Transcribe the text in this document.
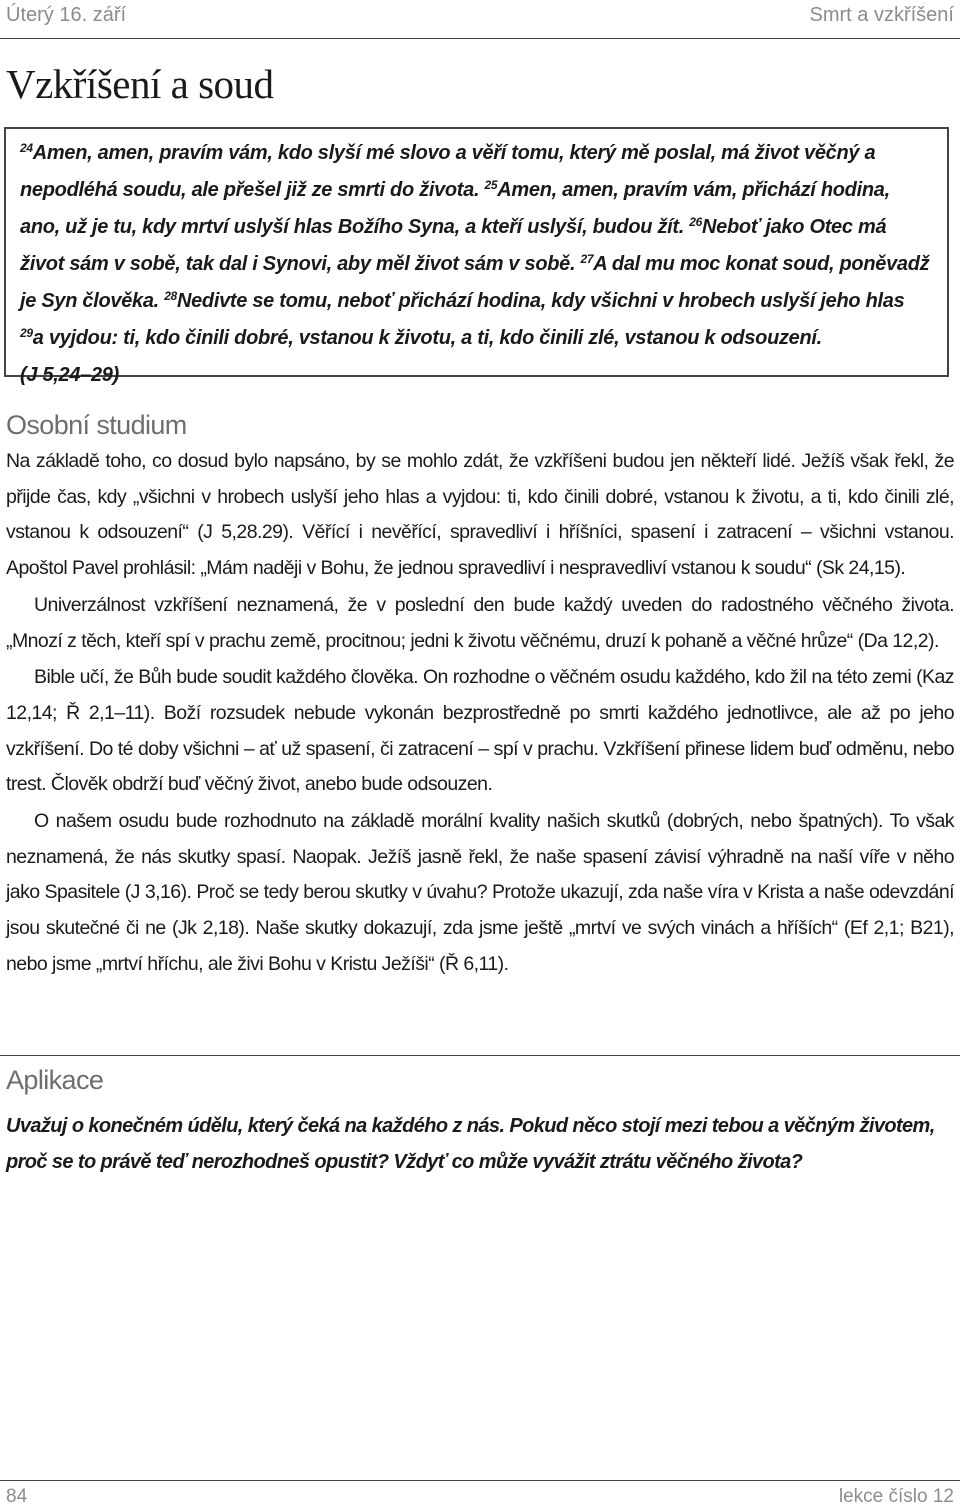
Úterý 16. září	Smrt a vzkříšení
Vzkříšení a soud
$^{24}$Amen, amen, pravím vám, kdo slyší mé slovo a věří tomu, který mě poslal, má život věčný a nepodléhá soudu, ale přešel již ze smrti do života. $^{25}$Amen, amen, pravím vám, přichází hodina, ano, už je tu, kdy mrtví uslyší hlas Božího Syna, a kteří uslyší, budou žít. $^{26}$Neboť jako Otec má život sám v sobě, tak dal i Synovi, aby měl život sám v sobě. $^{27}$A dal mu moc konat soud, poněvadž je Syn člověka. $^{28}$Nedivte se tomu, neboť přichází hodina, kdy všichni v hrobech uslyší jeho hlas $^{29}$a vyjdou: ti, kdo činili dobré, vstanou k životu, a ti, kdo činili zlé, vstanou k odsouzení.
(J 5,24–29)
Osobní studium

Na základě toho, co dosud bylo napsáno, by se mohlo zdát, že vzkříšeni budou jen někteří lidé. Ježíš však řekl, že přijde čas, kdy „všichni v hrobech uslyší jeho hlas a vyjdou: ti, kdo činili dobré, vstanou k životu, a ti, kdo činili zlé, vstanou k odsouzení“ (J 5,28.29). Věřící i nevěřící, spravedliví i hříšníci, spasení i zatracení – všichni vstanou. Apoštol Pavel prohlásil: „Mám naději v Bohu, že jednou spravedliví i nespravedliví vstanou k soudu“ (Sk 24,15).

Univerzálnost vzkříšení neznamená, že v poslední den bude každý uveden do radostného věčného života. „Mnozí z těch, kteří spí v prachu země, procitnou; jedni k životu věčnému, druzí k pohaně a věčné hrůze“ (Da 12,2).

Bible učí, že Bůh bude soudit každého člověka. On rozhodne o věčném osudu každého, kdo žil na této zemi (Kaz 12,14; Ř 2,1–11). Boží rozsudek nebude vykonán bezprostředně po smrti každého jednotlivce, ale až po jeho vzkříšení. Do té doby všichni – ať už spasení, či zatracení – spí v prachu. Vzkříšení přinese lidem buď odměnu, nebo trest. Člověk obdrží buď věčný život, anebo bude odsouzen.

O našem osudu bude rozhodnuto na základě morální kvality našich skutků (dobrých, nebo špatných). To však neznamená, že nás skutky spasí. Naopak. Ježíš jasně řekl, že naše spasení závisí výhradně na naší víře v něho jako Spasitele (J 3,16). Proč se tedy berou skutky v úvahu? Protože ukazují, zda naše víra v Krista a naše odevzdání jsou skutečné či ne (Jk 2,18). Naše skutky dokazují, zda jsme ještě „mrtví ve svých vinách a hříších“ (Ef 2,1; B21), nebo jsme „mrtví hříchu, ale živi Bohu v Kristu Ježíši“ (Ř 6,11).

Aplikace
Uvažuj o konečném údělu, který čeká na každého z nás. Pokud něco stojí mezi tebou a věčným životem, proč se to právě teď nerozhodneš opustit? Vždyť co může vyvážit ztrátu věčného života?
84	lekce číslo 12
